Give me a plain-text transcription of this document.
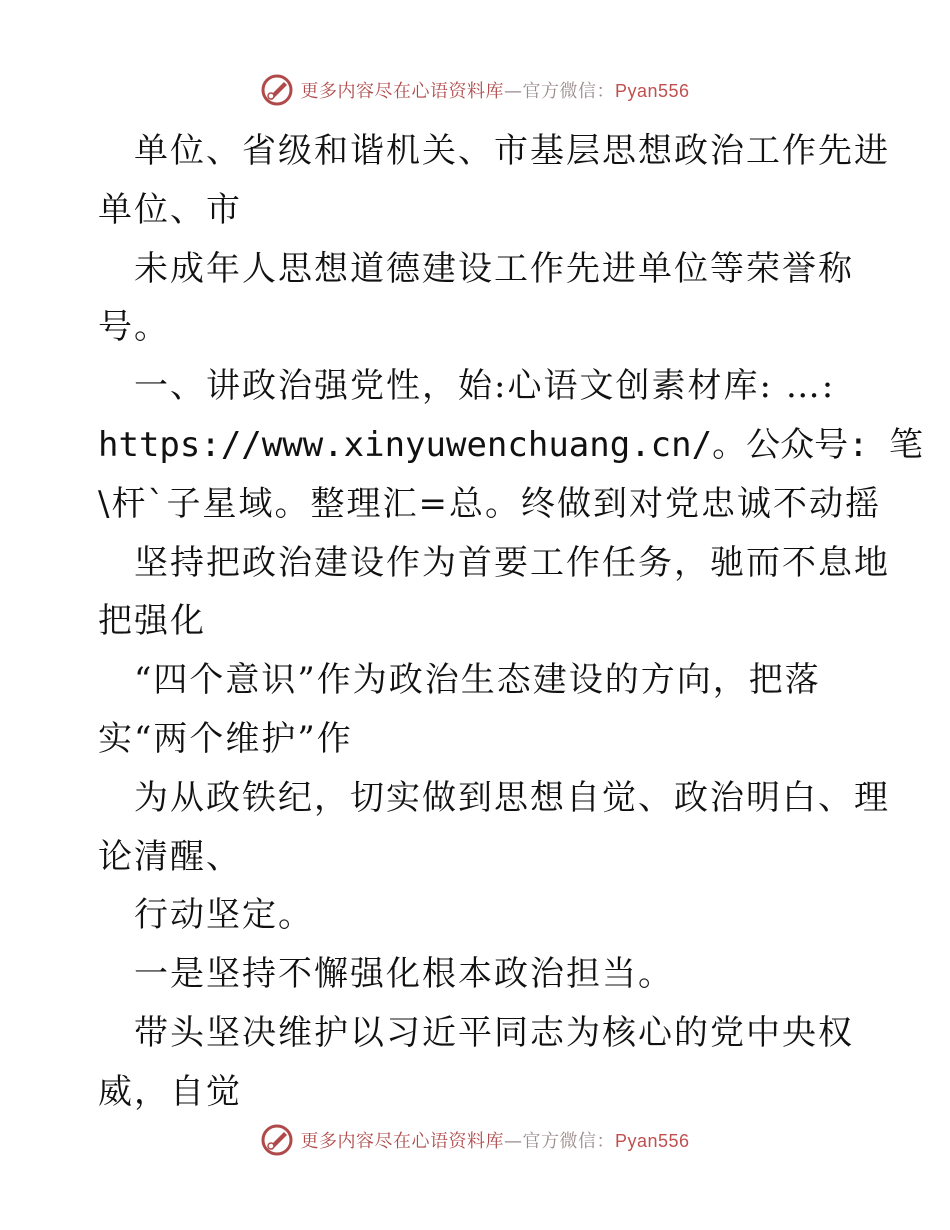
更多内容尽在心语资料库—官方微信：Pyan556
单位、省级和谐机关、市基层思想政治工作先进
单位、市
未成年人思想道德建设工作先进单位等荣誉称
号。
一、讲政治强党性，始:心语文创素材库: …:
https://www.xinyuwenchuang.cn/。公众号: 笔
\杆`子星域。整理汇=总。终做到对党忠诚不动摇
坚持把政治建设作为首要工作任务，驰而不息地
把强化
“四个意识”作为政治生态建设的方向，把落
实“两个维护”作
为从政铁纪，切实做到思想自觉、政治明白、理
论清醒、
行动坚定。
一是坚持不懈强化根本政治担当。
带头坚决维护以习近平同志为核心的党中央权
威，自觉
更多内容尽在心语资料库—官方微信：Pyan556
